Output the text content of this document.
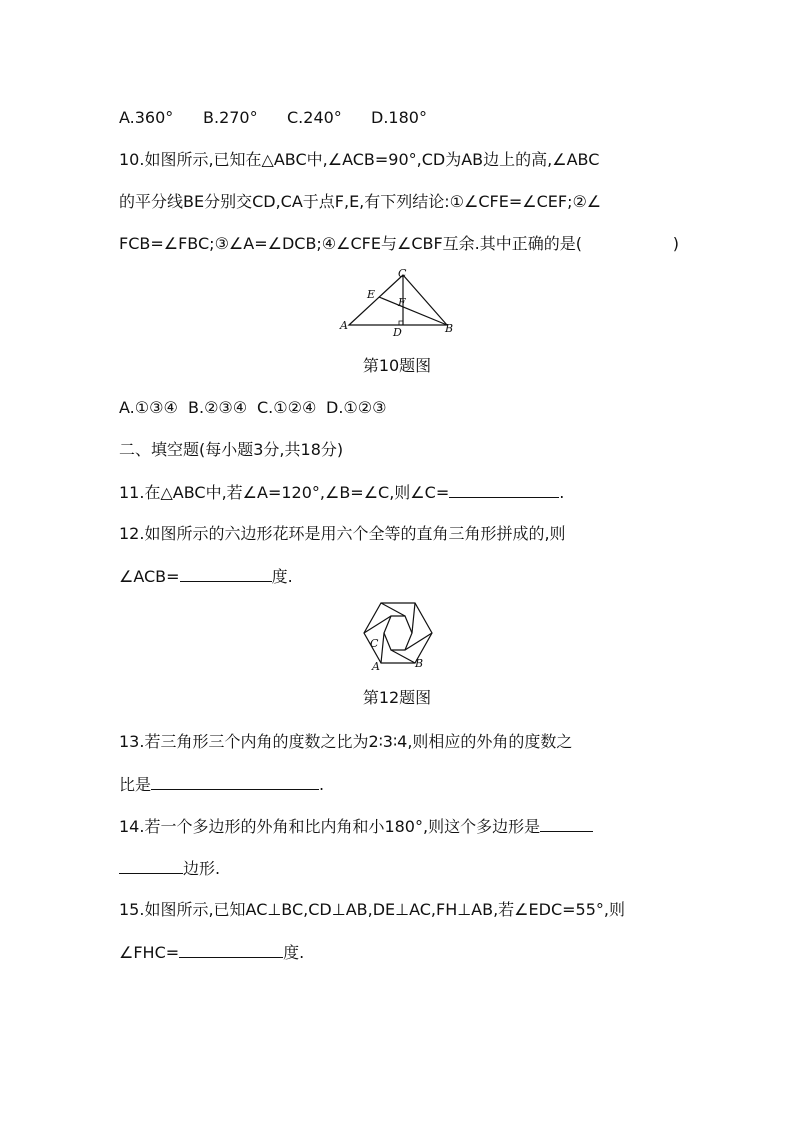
A.360° B.270° C.240° D.180°
10.如图所示,已知在△ABC中,∠ACB=90°,CD为AB边上的高,∠ABC
的平分线BE分别交CD,CA于点F,E,有下列结论:①∠CFE=∠CEF;②∠
FCB=∠FBC;③∠A=∠DCB;④∠CFE与∠CBF互余.其中正确的是(	)
C
E
F
A
D	B
第10题图
A.①③④ B.②③④ C.①②④ D.①②③
二、填空题(每小题3分,共18分)
11.在△ABC中,若∠A=120°,∠B=∠C,则∠C=	.
12.如图所示的六边形花环是用六个全等的直角三角形拼成的,则
∠ACB=	度.
C
A	B
第12题图
13.若三角形三个内角的度数之比为2∶3∶4,则相应的外角的度数之
比是	.
14.若一个多边形的外角和比内角和小180°,则这个多边形是
边形.
15.如图所示,已知AC⊥BC,CD⊥AB,DE⊥AC,FH⊥AB,若∠EDC=55°,则
∠FHC=	度.
